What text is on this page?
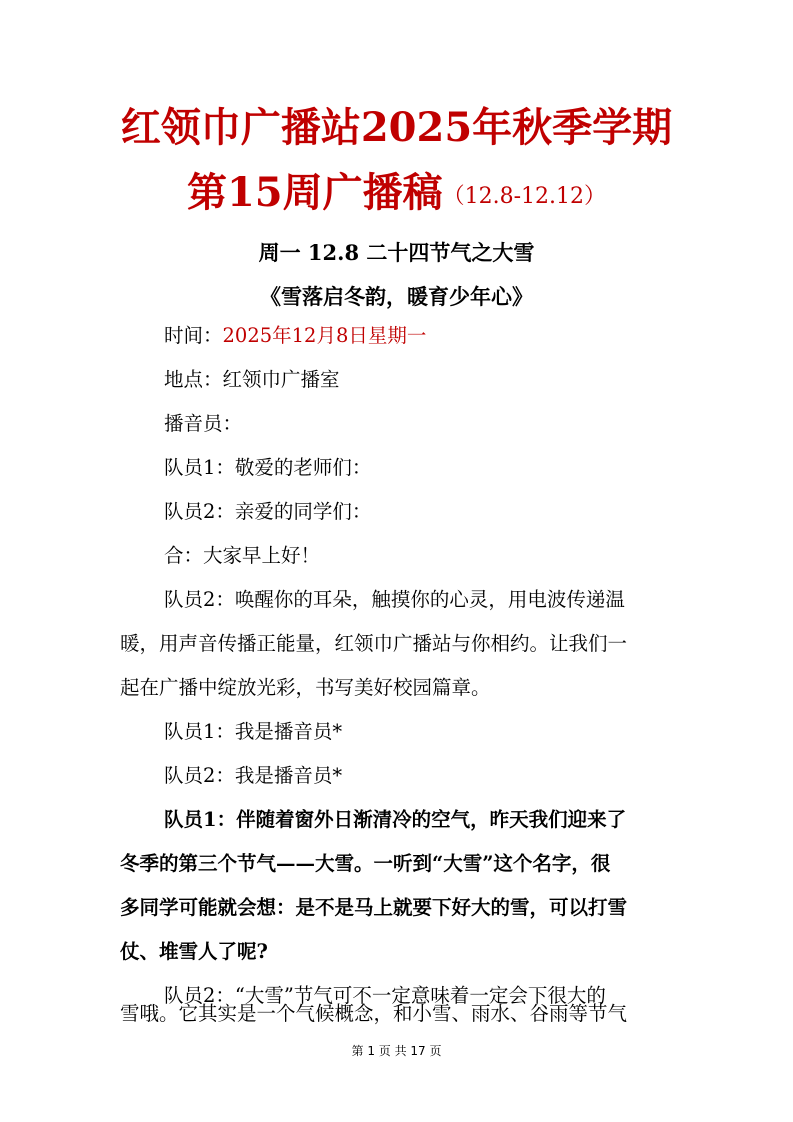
红领巾广播站2025年秋季学期
第15周广播稿（12.8-12.12）
周一 12.8 二十四节气之大雪
《雪落启冬韵，暖育少年心》
时间：2025年12月8日星期一
地点：红领巾广播室
播音员：
队员1：敬爱的老师们：
队员2：亲爱的同学们：
合：大家早上好！
队员2：唤醒你的耳朵，触摸你的心灵，用电波传递温
暖，用声音传播正能量，红领巾广播站与你相约。让我们一
起在广播中绽放光彩，书写美好校园篇章。
队员1：我是播音员*
队员2：我是播音员*
队员1：伴随着窗外日渐清冷的空气，昨天我们迎来了
冬季的第三个节气——大雪。一听到“大雪”这个名字，很
多同学可能就会想：是不是马上就要下好大的雪，可以打雪
仗、堆雪人了呢?
队员2：“大雪”节气可不一定意味着一定会下很大的
雪哦。它其实是一个气候概念，和小雪、雨水、谷雨等节气
第 1 页 共 17 页
